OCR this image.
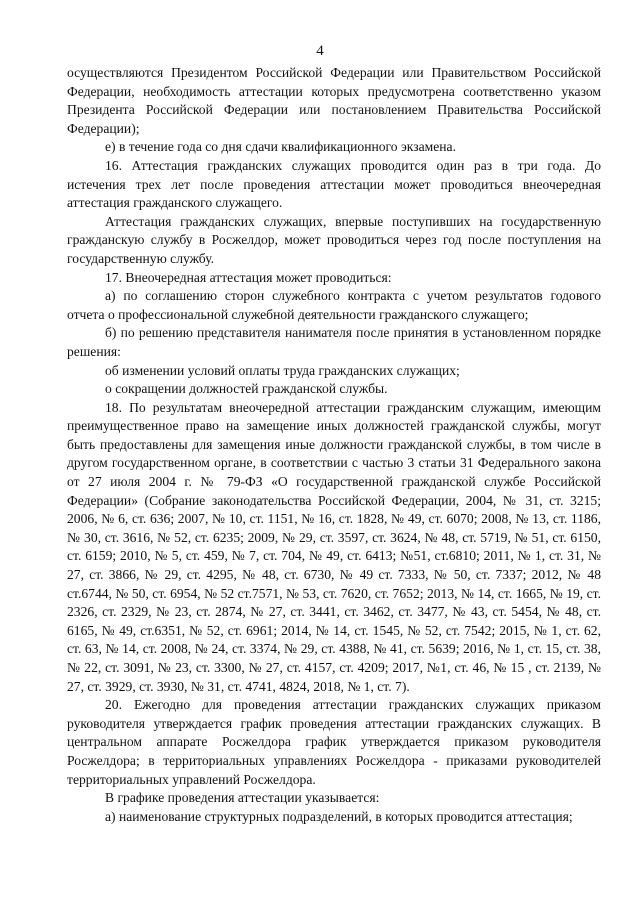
4

осуществляются Президентом Российской Федерации или Правительством Российской Федерации, необходимость аттестации которых предусмотрена соответственно указом Президента Российской Федерации или постановлением Правительства Российской Федерации);

е) в течение года со дня сдачи квалификационного экзамена.

16. Аттестация гражданских служащих проводится один раз в три года. До истечения трех лет после проведения аттестации может проводиться внеочередная аттестация гражданского служащего.

Аттестация гражданских служащих, впервые поступивших на государственную гражданскую службу в Росжелдор, может проводиться через год после поступления на государственную службу.

17. Внеочередная аттестация может проводиться:

а) по соглашению сторон служебного контракта с учетом результатов годового отчета о профессиональной служебной деятельности гражданского служащего;

б) по решению представителя нанимателя после принятия в установленном порядке решения:

об изменении условий оплаты труда гражданских служащих;

о сокращении должностей гражданской службы.

18. По результатам внеочередной аттестации гражданским служащим, имеющим преимущественное право на замещение иных должностей гражданской службы, могут быть предоставлены для замещения иные должности гражданской службы, в том числе в другом государственном органе, в соответствии с частью 3 статьи 31 Федерального закона от 27 июля 2004 г. № 79-ФЗ «О государственной гражданской службе Российской Федерации» (Собрание законодательства Российской Федерации, 2004, № 31, ст. 3215; 2006, № 6, ст. 636; 2007, № 10, ст. 1151, № 16, ст. 1828, № 49, ст. 6070; 2008, № 13, ст. 1186, № 30, ст. 3616, № 52, ст. 6235; 2009, № 29, ст. 3597, ст. 3624, № 48, ст. 5719, № 51, ст. 6150, ст. 6159; 2010, № 5, ст. 459, № 7, ст. 704, № 49, ст. 6413; №51, ст.6810; 2011, № 1, ст. 31, № 27, ст. 3866, № 29, ст. 4295, № 48, ст. 6730, № 49 ст. 7333, № 50, ст. 7337; 2012, № 48 ст.6744, № 50, ст. 6954, № 52 ст.7571, № 53, ст. 7620, ст. 7652; 2013, № 14, ст. 1665, № 19, ст. 2326, ст. 2329, № 23, ст. 2874, № 27, ст. 3441, ст. 3462, ст. 3477, № 43, ст. 5454, № 48, ст. 6165, № 49, ст.6351, № 52, ст. 6961; 2014, № 14, ст. 1545, № 52, ст. 7542; 2015, № 1, ст. 62, ст. 63, № 14, ст. 2008, № 24, ст. 3374, № 29, ст. 4388, № 41, ст. 5639; 2016, № 1, ст. 15, ст. 38, № 22, ст. 3091, № 23, ст. 3300, № 27, ст. 4157, ст. 4209; 2017, №1, ст. 46, № 15 , ст. 2139, № 27, ст. 3929, ст. 3930, № 31, ст. 4741, 4824, 2018, № 1, ст. 7).

20. Ежегодно для проведения аттестации гражданских служащих приказом руководителя утверждается график проведения аттестации гражданских служащих. В центральном аппарате Росжелдора график утверждается приказом руководителя Росжелдора; в территориальных управлениях Росжелдора - приказами руководителей территориальных управлений Росжелдора.

В графике проведения аттестации указывается:

а) наименование структурных подразделений, в которых проводится аттестация;
